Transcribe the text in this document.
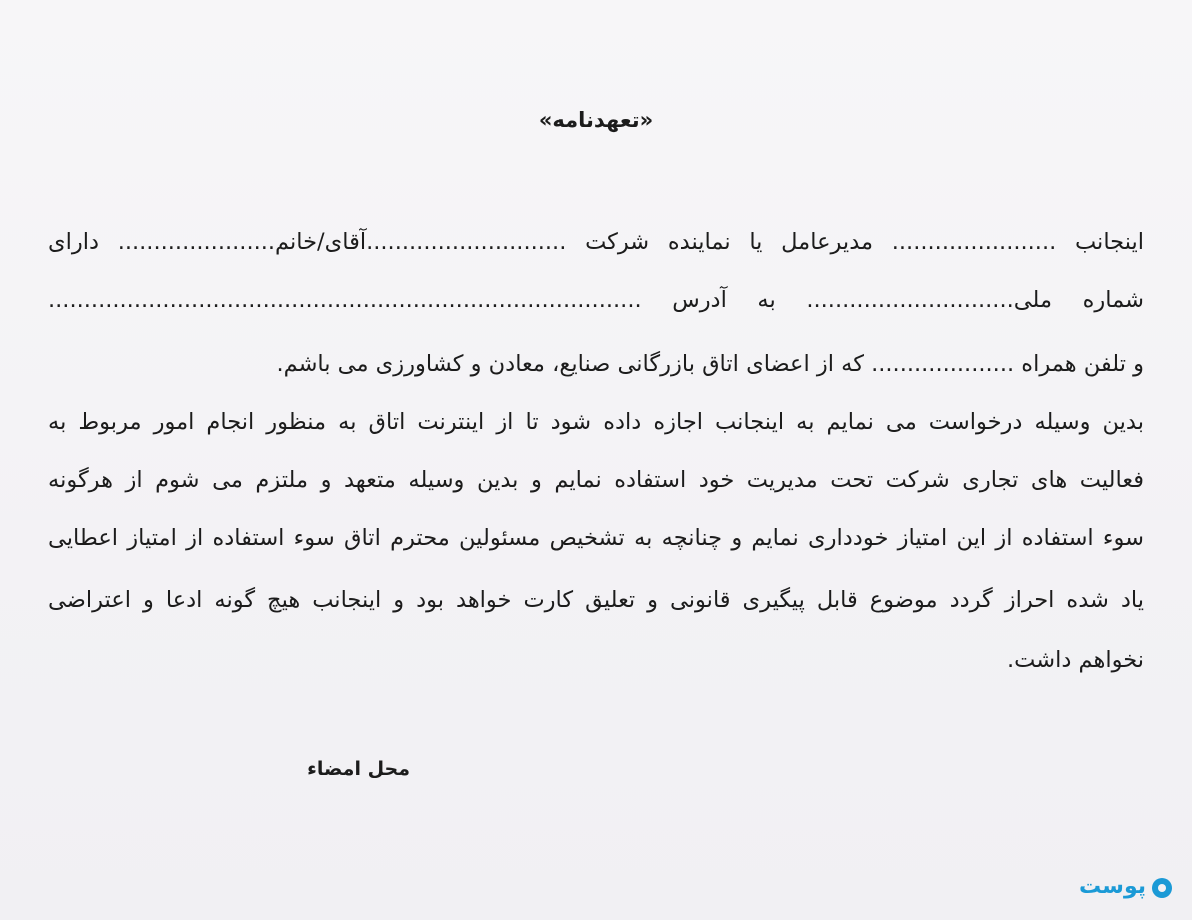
«تعهدنامه»
اینجانب ....................... مدیرعامل یا نماینده شرکت ............................آقای/خانم...................... دارای
شماره ملی............................. به آدرس ...................................................................................
و تلفن همراه .................... که از اعضای اتاق بازرگانی صنایع، معادن و کشاورزی می باشم.
بدین وسیله درخواست می نمایم به اینجانب اجازه داده شود تا از اینترنت اتاق به منظور انجام امور مربوط به
فعالیت های تجاری شرکت تحت مدیریت خود استفاده نمایم و بدین وسیله متعهد و ملتزم می شوم از هرگونه
سوء استفاده از این امتیاز خودداری نمایم و چنانچه به تشخیص مسئولین محترم اتاق سوء استفاده از امتیاز اعطایی
یاد شده احراز گردد موضوع قابل پیگیری قانونی و تعلیق کارت خواهد بود و اینجانب هیچ گونه ادعا و اعتراضی
نخواهم داشت.
محل امضاء
پوست
